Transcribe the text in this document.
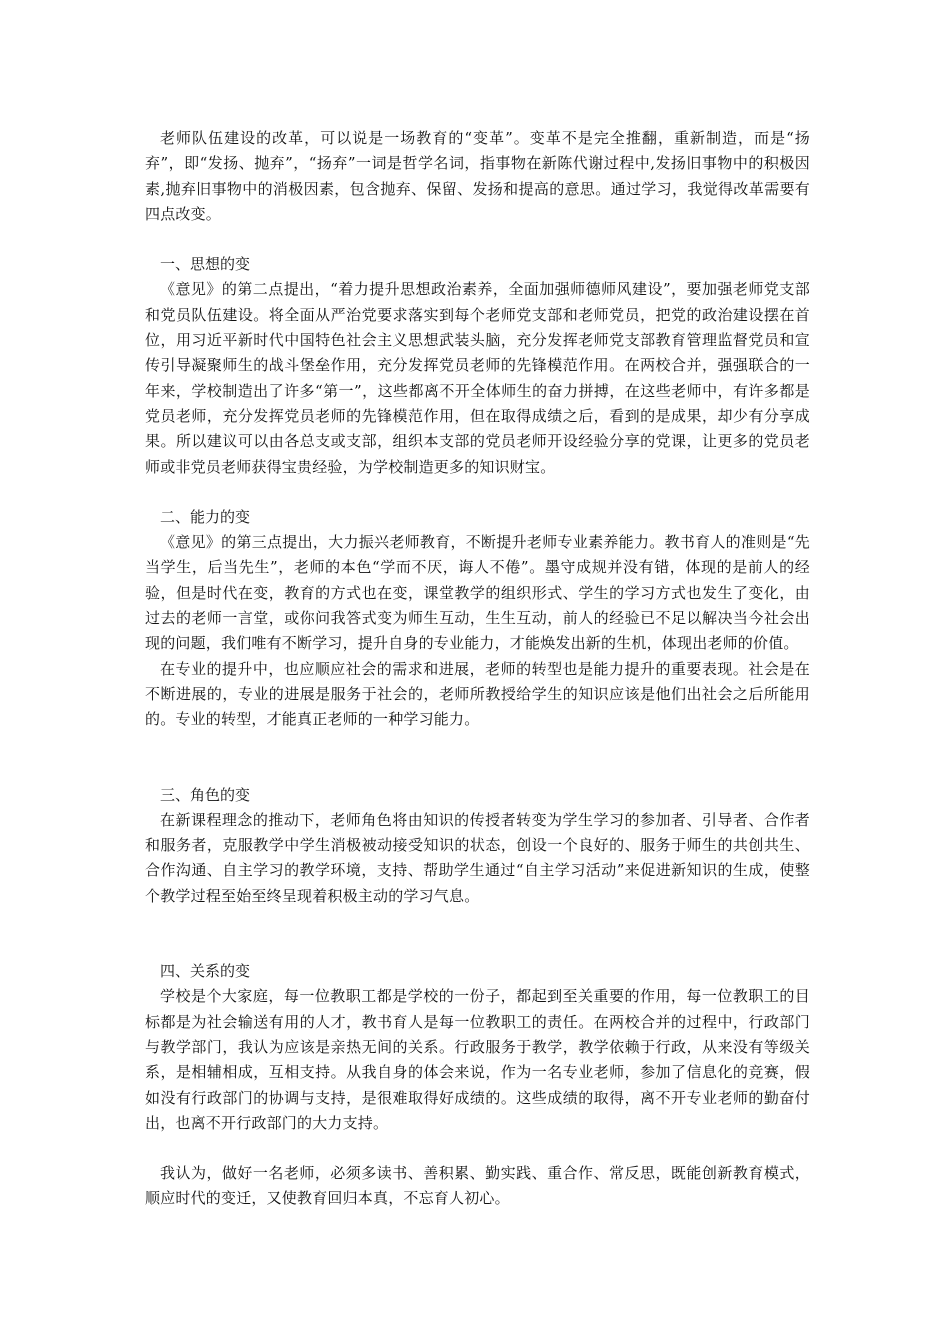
老师队伍建设的改革，可以说是一场教育的“变革”。变革不是完全推翻，重新制造，而是“扬弃”，即“发扬、抛弃”，“扬弃”一词是哲学名词，指事物在新陈代谢过程中,发扬旧事物中的积极因素,抛弃旧事物中的消极因素，包含抛弃、保留、发扬和提高的意思。通过学习，我觉得改革需要有四点改变。

一、思想的变

《意见》的第二点提出，“着力提升思想政治素养，全面加强师德师风建设”，要加强老师党支部和党员队伍建设。将全面从严治党要求落实到每个老师党支部和老师党员，把党的政治建设摆在首位，用习近平新时代中国特色社会主义思想武装头脑，充分发挥老师党支部教育管理监督党员和宣传引导凝聚师生的战斗堡垒作用，充分发挥党员老师的先锋模范作用。在两校合并，强强联合的一年来，学校制造出了许多“第一”，这些都离不开全体师生的奋力拼搏，在这些老师中，有许多都是党员老师，充分发挥党员老师的先锋模范作用，但在取得成绩之后，看到的是成果，却少有分享成果。所以建议可以由各总支或支部，组织本支部的党员老师开设经验分享的党课，让更多的党员老师或非党员老师获得宝贵经验，为学校制造更多的知识财宝。

二、能力的变

《意见》的第三点提出，大力振兴老师教育，不断提升老师专业素养能力。教书育人的准则是“先当学生，后当先生”，老师的本色“学而不厌，诲人不倦”。墨守成规并没有错，体现的是前人的经验，但是时代在变，教育的方式也在变，课堂教学的组织形式、学生的学习方式也发生了变化，由过去的老师一言堂，或你问我答式变为师生互动，生生互动，前人的经验已不足以解决当今社会出现的问题，我们唯有不断学习，提升自身的专业能力，才能焕发出新的生机，体现出老师的价值。

在专业的提升中，也应顺应社会的需求和进展，老师的转型也是能力提升的重要表现。社会是在不断进展的，专业的进展是服务于社会的，老师所教授给学生的知识应该是他们出社会之后所能用的。专业的转型，才能真正老师的一种学习能力。

三、角色的变

在新课程理念的推动下，老师角色将由知识的传授者转变为学生学习的参加者、引导者、合作者和服务者，克服教学中学生消极被动接受知识的状态，创设一个良好的、服务于师生的共创共生、合作沟通、自主学习的教学环境，支持、帮助学生通过“自主学习活动”来促进新知识的生成，使整个教学过程至始至终呈现着积极主动的学习气息。

四、关系的变

学校是个大家庭，每一位教职工都是学校的一份子，都起到至关重要的作用，每一位教职工的目标都是为社会输送有用的人才，教书育人是每一位教职工的责任。在两校合并的过程中，行政部门与教学部门，我认为应该是亲热无间的关系。行政服务于教学，教学依赖于行政，从来没有等级关系，是相辅相成，互相支持。从我自身的体会来说，作为一名专业老师，参加了信息化的竞赛，假如没有行政部门的协调与支持，是很难取得好成绩的。这些成绩的取得，离不开专业老师的勤奋付出，也离不开行政部门的大力支持。

我认为，做好一名老师，必须多读书、善积累、勤实践、重合作、常反思，既能创新教育模式，顺应时代的变迁，又使教育回归本真，不忘育人初心。
